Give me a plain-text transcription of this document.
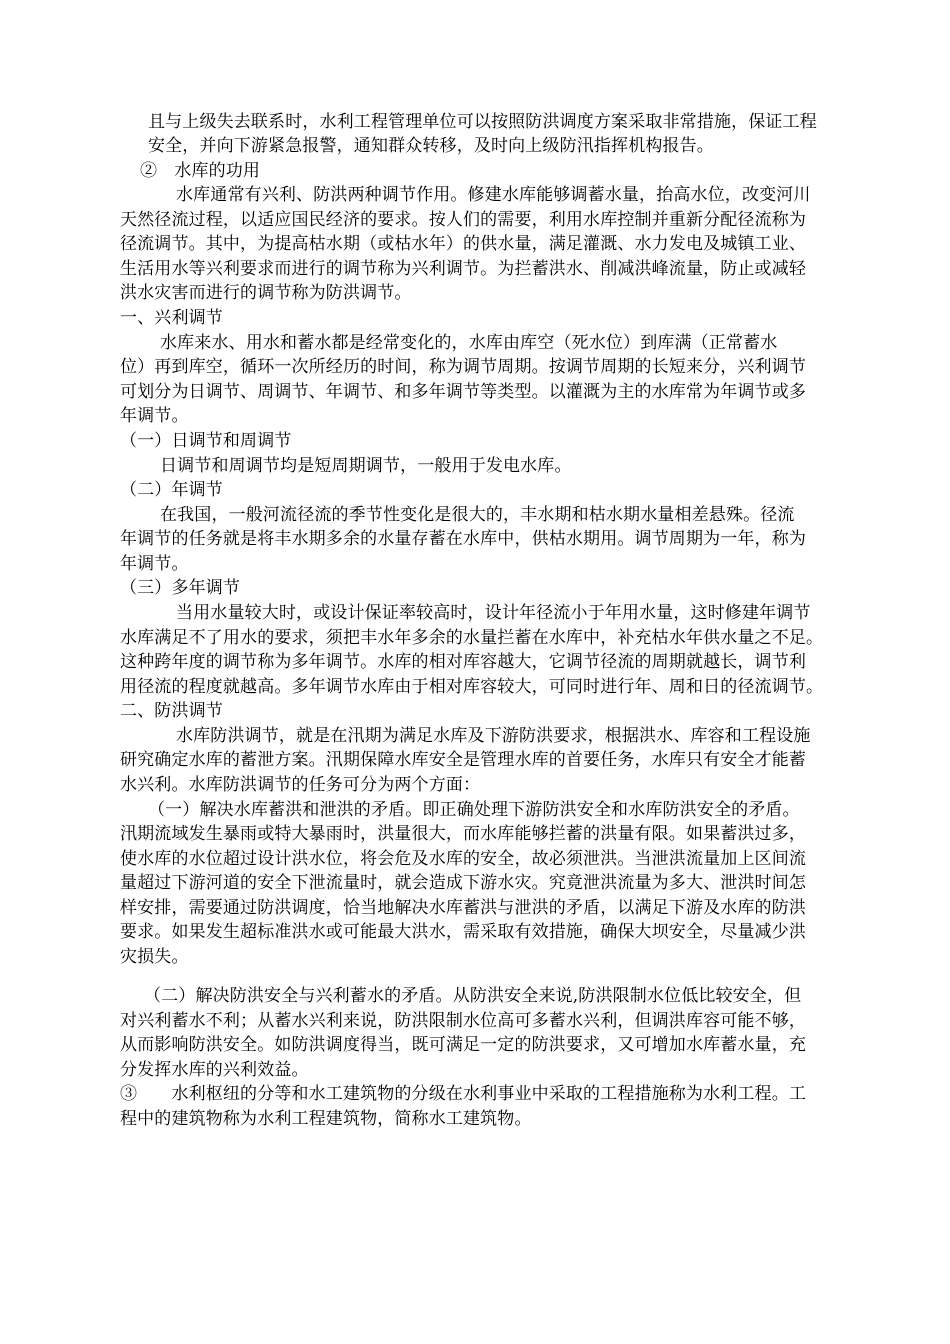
且与上级失去联系时，水利工程管理单位可以按照防洪调度方案采取非常措施，保证工程
安全，并向下游紧急报警，通知群众转移，及时向上级防汛指挥机构报告。
②　水库的功用
水库通常有兴利、防洪两种调节作用。修建水库能够调蓄水量，抬高水位，改变河川
天然径流过程，以适应国民经济的要求。按人们的需要，利用水库控制并重新分配径流称为
径流调节。其中，为提高枯水期（或枯水年）的供水量，满足灌溉、水力发电及城镇工业、
生活用水等兴利要求而进行的调节称为兴利调节。为拦蓄洪水、削减洪峰流量，防止或减轻
洪水灾害而进行的调节称为防洪调节。
一、兴利调节
水库来水、用水和蓄水都是经常变化的，水库由库空（死水位）到库满（正常蓄水
位）再到库空，循环一次所经历的时间，称为调节周期。按调节周期的长短来分，兴利调节
可划分为日调节、周调节、年调节、和多年调节等类型。以灌溉为主的水库常为年调节或多
年调节。
（一）日调节和周调节
日调节和周调节均是短周期调节，一般用于发电水库。
（二）年调节
在我国，一般河流径流的季节性变化是很大的，丰水期和枯水期水量相差悬殊。径流
年调节的任务就是将丰水期多余的水量存蓄在水库中，供枯水期用。调节周期为一年，称为
年调节。
（三）多年调节
当用水量较大时，或设计保证率较高时，设计年径流小于年用水量，这时修建年调节
水库满足不了用水的要求，须把丰水年多余的水量拦蓄在水库中，补充枯水年供水量之不足。
这种跨年度的调节称为多年调节。水库的相对库容越大，它调节径流的周期就越长，调节利
用径流的程度就越高。多年调节水库由于相对库容较大，可同时进行年、周和日的径流调节。
二、防洪调节
水库防洪调节，就是在汛期为满足水库及下游防洪要求，根据洪水、库容和工程设施
研究确定水库的蓄泄方案。汛期保障水库安全是管理水库的首要任务，水库只有安全才能蓄
水兴利。水库防洪调节的任务可分为两个方面：
（一）解决水库蓄洪和泄洪的矛盾。即正确处理下游防洪安全和水库防洪安全的矛盾。
汛期流域发生暴雨或特大暴雨时，洪量很大，而水库能够拦蓄的洪量有限。如果蓄洪过多，
使水库的水位超过设计洪水位，将会危及水库的安全，故必须泄洪。当泄洪流量加上区间流
量超过下游河道的安全下泄流量时，就会造成下游水灾。究竟泄洪流量为多大、泄洪时间怎
样安排，需要通过防洪调度，恰当地解决水库蓄洪与泄洪的矛盾，以满足下游及水库的防洪
要求。如果发生超标准洪水或可能最大洪水，需采取有效措施，确保大坝安全，尽量减少洪
灾损失。
（二）解决防洪安全与兴利蓄水的矛盾。从防洪安全来说,防洪限制水位低比较安全，但
对兴利蓄水不利；从蓄水兴利来说，防洪限制水位高可多蓄水兴利，但调洪库容可能不够，
从而影响防洪安全。如防洪调度得当，既可满足一定的防洪要求，又可增加水库蓄水量，充
分发挥水库的兴利效益。
③　　水利枢纽的分等和水工建筑物的分级在水利事业中采取的工程措施称为水利工程。工
程中的建筑物称为水利工程建筑物，简称水工建筑物。
